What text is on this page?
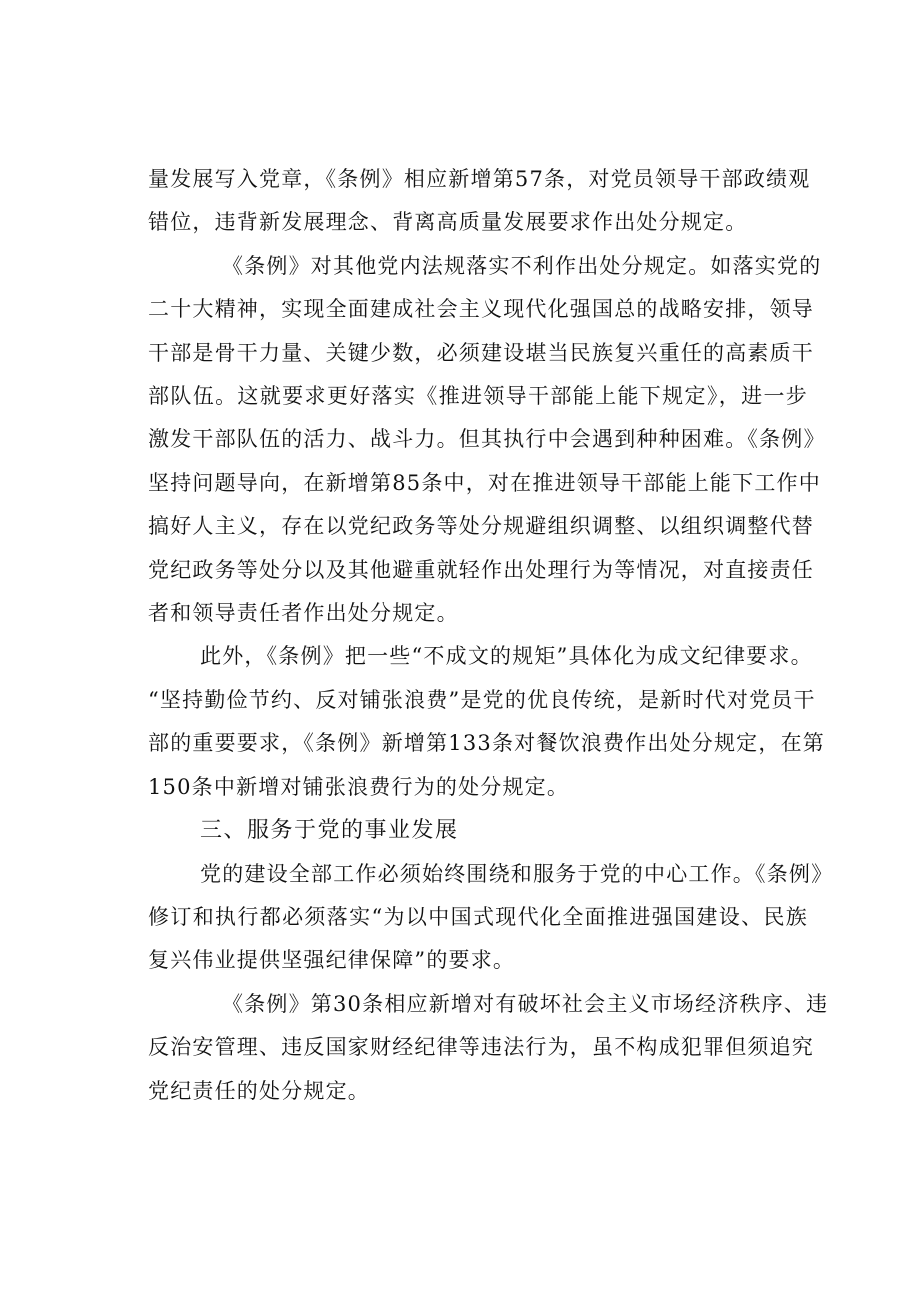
量发展写入党章，《条例》相应新增第57条，对党员领导干部政绩观
错位，违背新发展理念、背离高质量发展要求作出处分规定。
《条例》对其他党内法规落实不利作出处分规定。如落实党的
二十大精神，实现全面建成社会主义现代化强国总的战略安排，领导
干部是骨干力量、关键少数，必须建设堪当民族复兴重任的高素质干
部队伍。这就要求更好落实《推进领导干部能上能下规定》，进一步
激发干部队伍的活力、战斗力。但其执行中会遇到种种困难。《条例》
坚持问题导向，在新增第85条中，对在推进领导干部能上能下工作中
搞好人主义，存在以党纪政务等处分规避组织调整、以组织调整代替
党纪政务等处分以及其他避重就轻作出处理行为等情况，对直接责任
者和领导责任者作出处分规定。
此外，《条例》把一些“不成文的规矩”具体化为成文纪律要求。
“坚持勤俭节约、反对铺张浪费”是党的优良传统，是新时代对党员干
部的重要要求，《条例》新增第133条对餐饮浪费作出处分规定，在第
150条中新增对铺张浪费行为的处分规定。
三、服务于党的事业发展
党的建设全部工作必须始终围绕和服务于党的中心工作。《条例》
修订和执行都必须落实“为以中国式现代化全面推进强国建设、民族
复兴伟业提供坚强纪律保障”的要求。
《条例》第30条相应新增对有破坏社会主义市场经济秩序、违
反治安管理、违反国家财经纪律等违法行为，虽不构成犯罪但须追究
党纪责任的处分规定。
